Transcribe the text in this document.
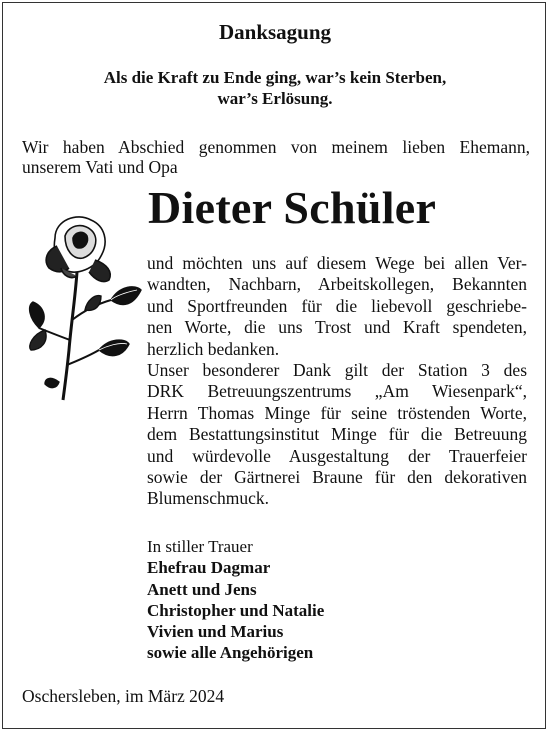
Danksagung
Als die Kraft zu Ende ging, war’s kein Sterben,
war’s Erlösung.
Wir haben Abschied genommen von meinem lieben Ehemann,
unserem Vati und Opa
Dieter Schüler
und möchten uns auf diesem Wege bei allen Ver-
wandten, Nachbarn, Arbeitskollegen, Bekannten
und Sportfreunden für die liebevoll geschriebe-
nen Worte, die uns Trost und Kraft spendeten,
herzlich bedanken.
Unser besonderer Dank gilt der Station 3 des
DRK Betreuungszentrums „Am Wiesenpark“,
Herrn Thomas Minge für seine tröstenden Worte,
dem Bestattungsinstitut Minge für die Betreuung
und würdevolle Ausgestaltung der Trauerfeier
sowie der Gärtnerei Braune für den dekorativen
Blumenschmuck.
In stiller Trauer
Ehefrau Dagmar
Anett und Jens
Christopher und Natalie
Vivien und Marius
sowie alle Angehörigen
Oschersleben, im März 2024
